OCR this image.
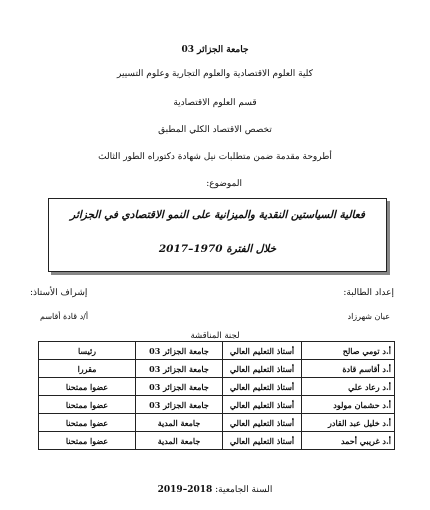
جامعة الجزائر 03
كلية العلوم الاقتصادية والعلوم التجارية وعلوم التسيير
قسم العلوم الاقتصادية
تخصص الاقتصاد الكلي المطبق
أطروحة مقدمة ضمن متطلبات نيل شهادة دكتوراه الطور الثالث
الموضوع:
فعالية السياستين النقدية والميزانية على النمو الاقتصادي في الجزائر
خلال الفترة 1970–2017
إعداد الطالبة:
إشراف الأستاذ:
عيان شهرزاد
أ/د قادة أقاسم
لجنة المناقشة
أ.د تومي صالح	أستاذ التعليم العالي	جامعة الجزائر 03	رئيسا
أ.د أقاسم قادة	أستاذ التعليم العالي	جامعة الجزائر 03	مقررا
أ.د رعاد علي	أستاذ التعليم العالي	جامعة الجزائر 03	عضوا ممتحنا
أ.د حشمان مولود	أستاذ التعليم العالي	جامعة الجزائر 03	عضوا ممتحنا
أ.د خليل عبد القادر	أستاذ التعليم العالي	جامعة المدية	عضوا ممتحنا
أ.د غريبي أحمد	أستاذ التعليم العالي	جامعة المدية	عضوا ممتحنا
السنة الجامعية: 2018–2019
